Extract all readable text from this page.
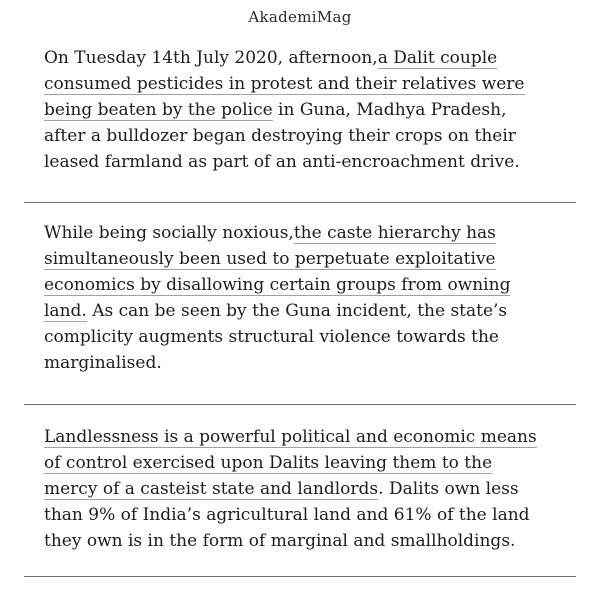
AkademiMag

On Tuesday 14th July 2020, afternoon,a Dalit couple
consumed pesticides in protest and their relatives were
being beaten by the police in Guna, Madhya Pradesh,
after a bulldozer began destroying their crops on their
leased farmland as part of an anti-encroachment drive.

While being socially noxious,the caste hierarchy has
simultaneously been used to perpetuate exploitative
economics by disallowing certain groups from owning
land. As can be seen by the Guna incident, the state’s
complicity augments structural violence towards the
marginalised.

Landlessness is a powerful political and economic means
of control exercised upon Dalits leaving them to the
mercy of a casteist state and landlords. Dalits own less
than 9% of India’s agricultural land and 61% of the land
they own is in the form of marginal and smallholdings.
